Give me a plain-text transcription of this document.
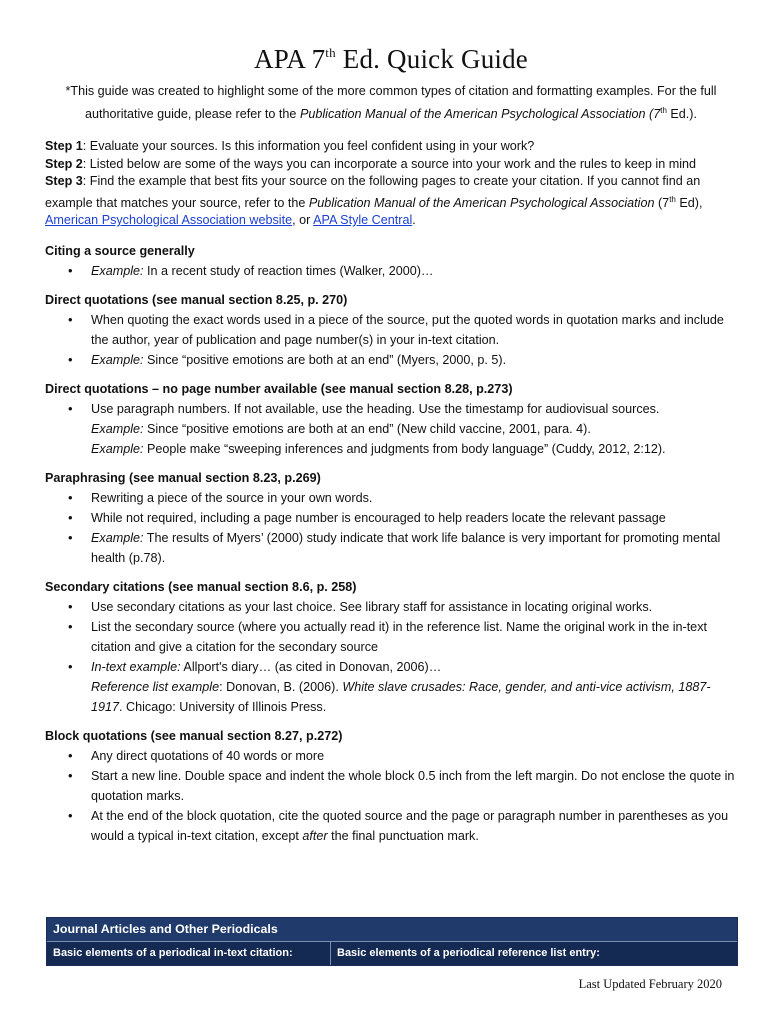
APA 7th Ed. Quick Guide

*This guide was created to highlight some of the more common types of citation and formatting examples. For the full authoritative guide, please refer to the Publication Manual of the American Psychological Association (7th Ed.).

Step 1: Evaluate your sources. Is this information you feel confident using in your work?
Step 2: Listed below are some of the ways you can incorporate a source into your work and the rules to keep in mind
Step 3: Find the example that best fits your source on the following pages to create your citation. If you cannot find an example that matches your source, refer to the Publication Manual of the American Psychological Association (7th Ed), American Psychological Association website, or APA Style Central.

Citing a source generally

• Example: In a recent study of reaction times (Walker, 2000)…

Direct quotations (see manual section 8.25, p. 270)

• When quoting the exact words used in a piece of the source, put the quoted words in quotation marks and include the author, year of publication and page number(s) in your in-text citation.
• Example: Since “positive emotions are both at an end” (Myers, 2000, p. 5).

Direct quotations – no page number available (see manual section 8.28, p.273)

• Use paragraph numbers. If not available, use the heading. Use the timestamp for audiovisual sources.
Example: Since “positive emotions are both at an end” (New child vaccine, 2001, para. 4).
Example: People make “sweeping inferences and judgments from body language” (Cuddy, 2012, 2:12).

Paraphrasing (see manual section 8.23, p.269)

• Rewriting a piece of the source in your own words.
• While not required, including a page number is encouraged to help readers locate the relevant passage
• Example: The results of Myers’ (2000) study indicate that work life balance is very important for promoting mental health (p.78).

Secondary citations (see manual section 8.6, p. 258)

• Use secondary citations as your last choice. See library staff for assistance in locating original works.
• List the secondary source (where you actually read it) in the reference list. Name the original work in the in-text citation and give a citation for the secondary source
• In-text example: Allport's diary… (as cited in Donovan, 2006)…
Reference list example: Donovan, B. (2006). White slave crusades: Race, gender, and anti-vice activism, 1887-1917. Chicago: University of Illinois Press.

Block quotations (see manual section 8.27, p.272)

• Any direct quotations of 40 words or more
• Start a new line. Double space and indent the whole block 0.5 inch from the left margin. Do not enclose the quote in quotation marks.
• At the end of the block quotation, cite the quoted source and the page or paragraph number in parentheses as you would a typical in-text citation, except after the final punctuation mark.
Journal Articles and Other Periodicals
Basic elements of a periodical in-text citation:	Basic elements of a periodical reference list entry:
Last Updated February 2020
